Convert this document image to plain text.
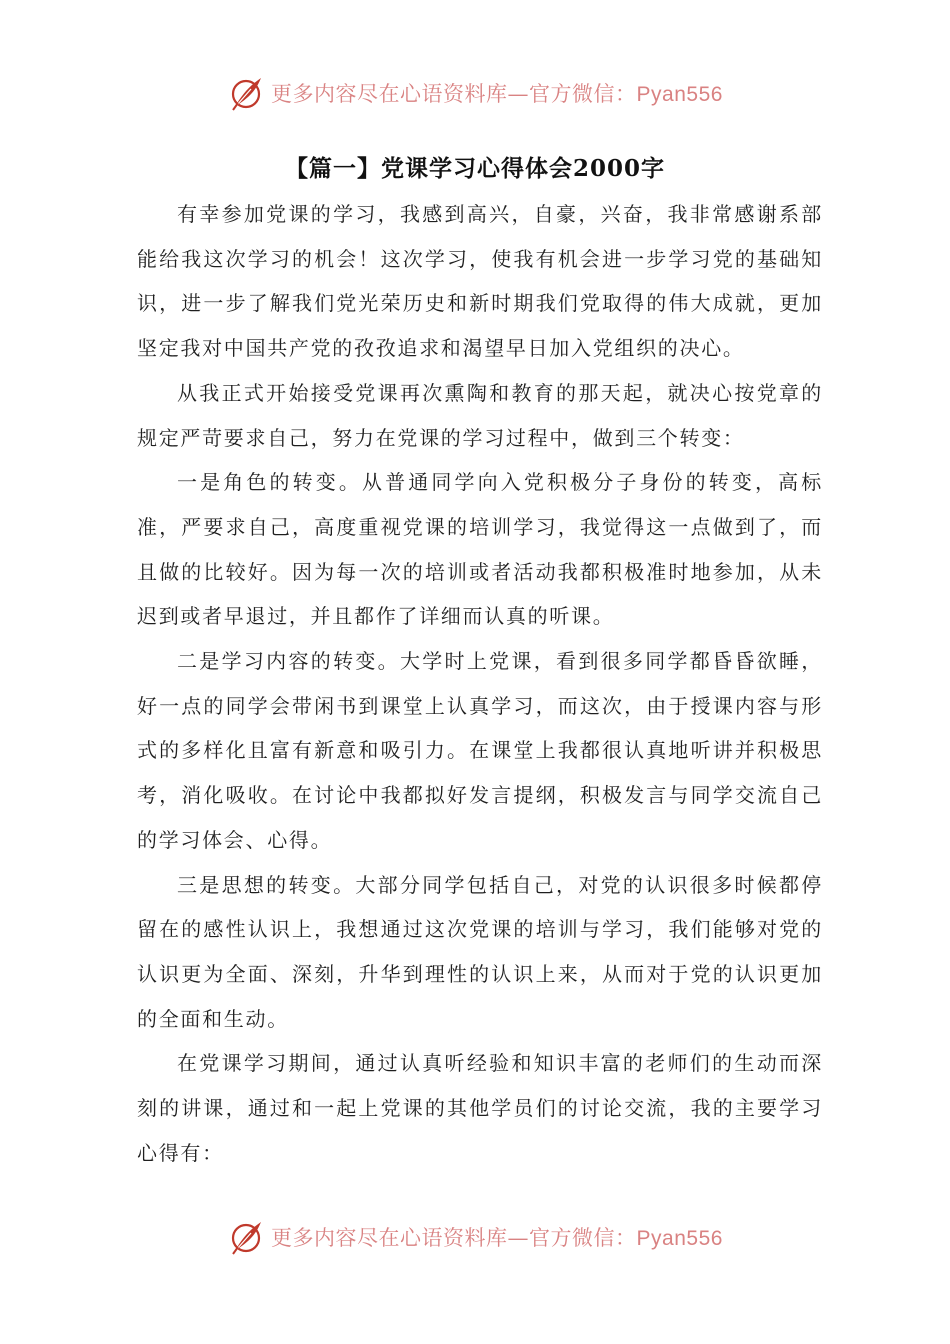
更多内容尽在心语资料库—官方微信：Pyan556
【篇一】党课学习心得体会2000字

有幸参加党课的学习，我感到高兴，自豪，兴奋，我非常感谢系部能给我这次学习的机会！这次学习，使我有机会进一步学习党的基础知识，进一步了解我们党光荣历史和新时期我们党取得的伟大成就，更加坚定我对中国共产党的孜孜追求和渴望早日加入党组织的决心。

从我正式开始接受党课再次熏陶和教育的那天起，就决心按党章的规定严苛要求自己，努力在党课的学习过程中，做到三个转变：

一是角色的转变。从普通同学向入党积极分子身份的转变，高标准，严要求自己，高度重视党课的培训学习，我觉得这一点做到了，而且做的比较好。因为每一次的培训或者活动我都积极准时地参加，从未迟到或者早退过，并且都作了详细而认真的听课。

二是学习内容的转变。大学时上党课，看到很多同学都昏昏欲睡，好一点的同学会带闲书到课堂上认真学习，而这次，由于授课内容与形式的多样化且富有新意和吸引力。在课堂上我都很认真地听讲并积极思考，消化吸收。在讨论中我都拟好发言提纲，积极发言与同学交流自己的学习体会、心得。

三是思想的转变。大部分同学包括自己，对党的认识很多时候都停留在的感性认识上，我想通过这次党课的培训与学习，我们能够对党的认识更为全面、深刻，升华到理性的认识上来，从而对于党的认识更加的全面和生动。

在党课学习期间，通过认真听经验和知识丰富的老师们的生动而深刻的讲课，通过和一起上党课的其他学员们的讨论交流，我的主要学习心得有：

更多内容尽在心语资料库—官方微信：Pyan556
